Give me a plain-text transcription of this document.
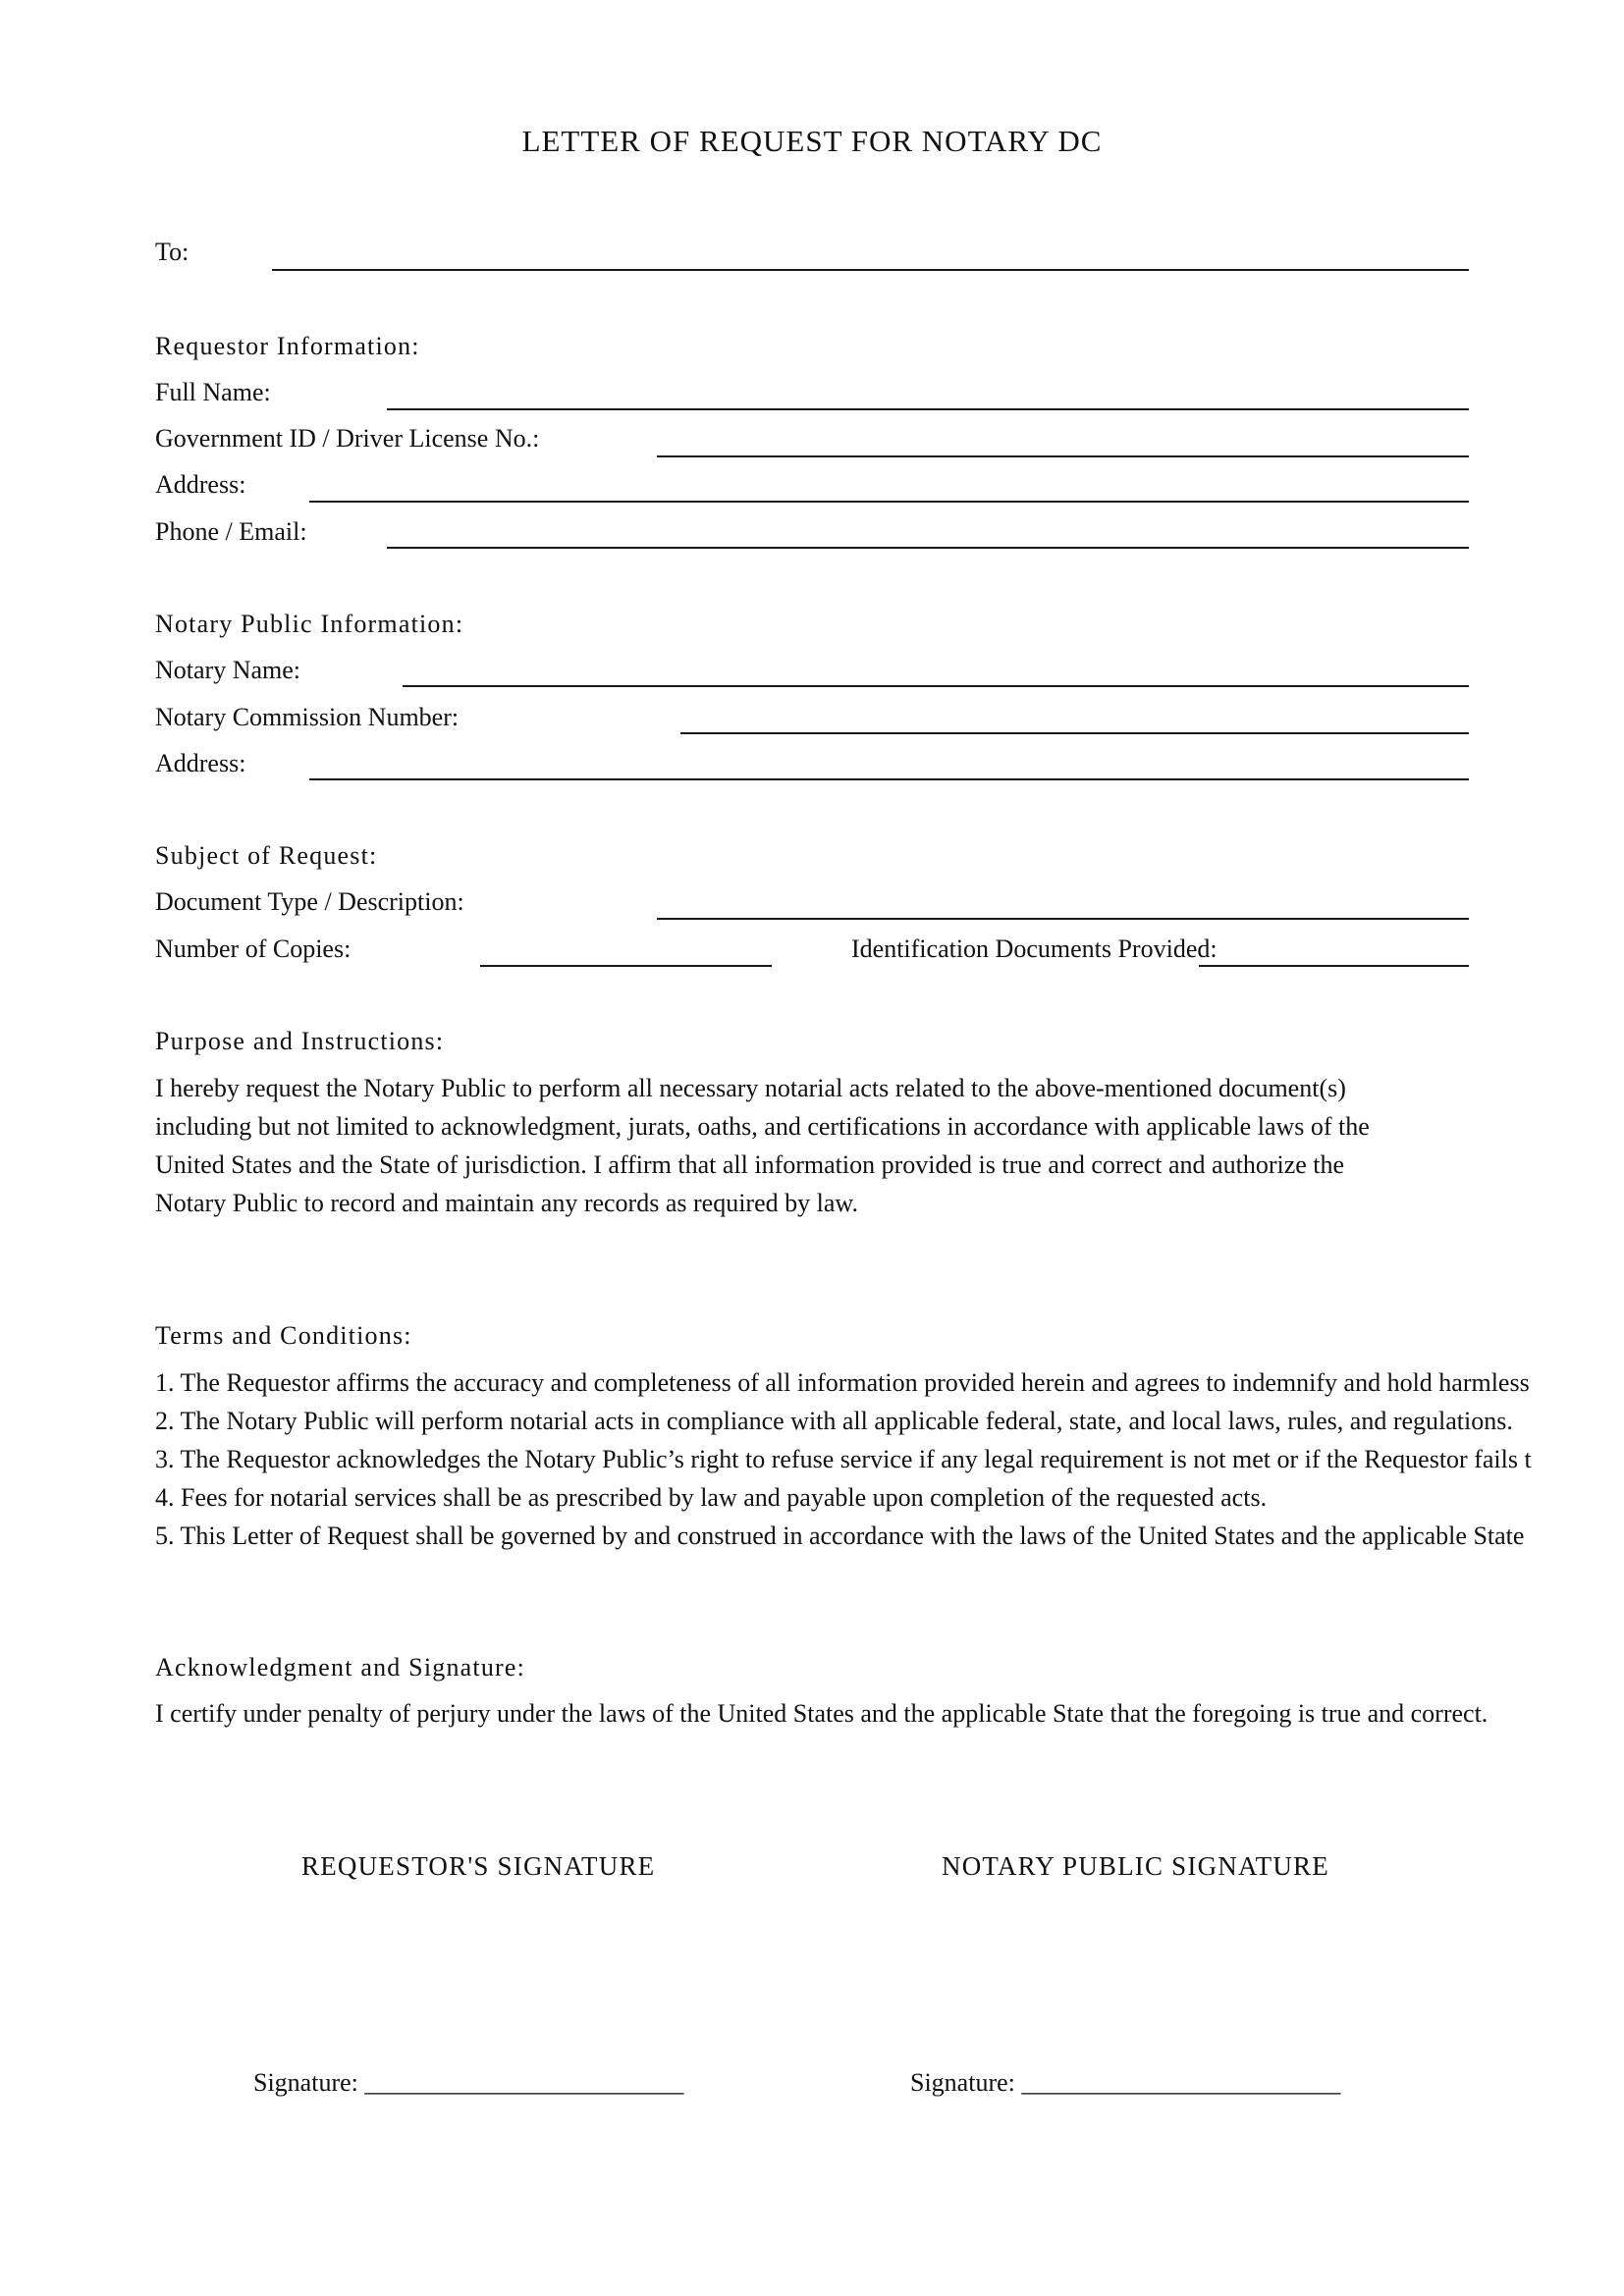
LETTER OF REQUEST FOR NOTARY DC
To:
Requestor Information:
Full Name:
Government ID / Driver License No.:
Address:
Phone / Email:
Notary Public Information:
Notary Name:
Notary Commission Number:
Address:
Subject of Request:
Document Type / Description:
Number of Copies:	Identification Documents Provided:
Purpose and Instructions:
I hereby request the Notary Public to perform all necessary notarial acts related to the above-mentioned document(s)
including but not limited to acknowledgment, jurats, oaths, and certifications in accordance with applicable laws of the
United States and the State of jurisdiction. I affirm that all information provided is true and correct and authorize the
Notary Public to record and maintain any records as required by law.
Terms and Conditions:
1. The Requestor affirms the accuracy and completeness of all information provided herein and agrees to indemnify and hold harmless
2. The Notary Public will perform notarial acts in compliance with all applicable federal, state, and local laws, rules, and regulations.
3. The Requestor acknowledges the Notary Public’s right to refuse service if any legal requirement is not met or if the Requestor fails t
4. Fees for notarial services shall be as prescribed by law and payable upon completion of the requested acts.
5. This Letter of Request shall be governed by and construed in accordance with the laws of the United States and the applicable State
Acknowledgment and Signature:
I certify under penalty of perjury under the laws of the United States and the applicable State that the foregoing is true and correct.
REQUESTOR'S SIGNATURE	NOTARY PUBLIC SIGNATURE
Signature: _________________________	Signature: _________________________
